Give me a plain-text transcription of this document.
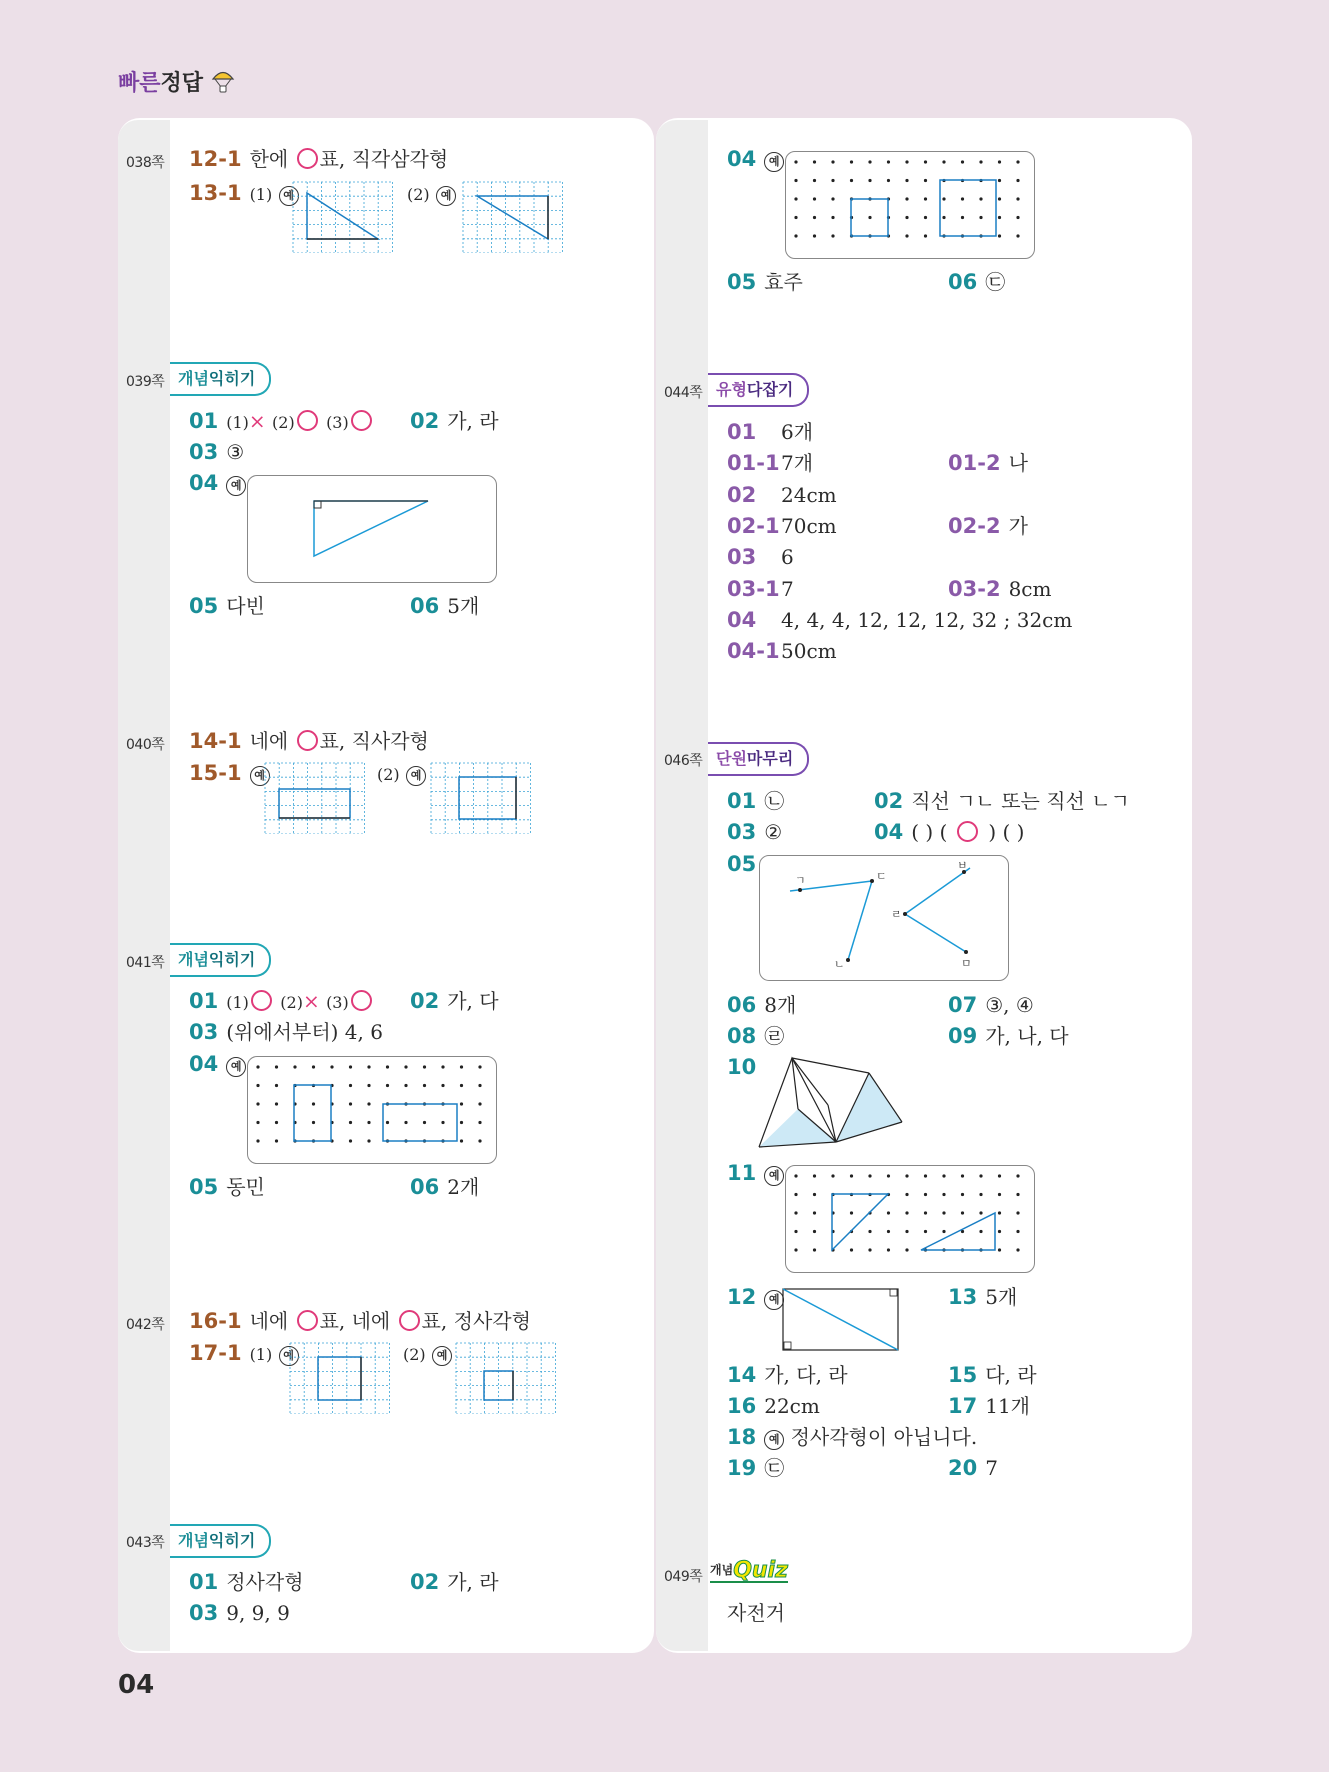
빠른정답
038쪽 12-1 한에 ○ 표, 직각삼각형
13-1 (1) 예	(2) 예
039쪽 개념익히기
01 (1)× (2) ○ (3)	02 가, 라
03 ③
04 예
05 다빈	06 5개
040쪽 14-1 네에 ○ 표, 직사각형
15-1 예	(2) 예
041쪽 개념익히기
01 (1) ○ (2)× (3)	02 가, 다
03 (위에서부터) 4, 6
04 예
05 동민	06 2개
042쪽 16-1 네에 ○ 표, 네에 ○ 표, 정사각형
17-1 (1) 예	(2) 예
043쪽 개념익히기
01 정사각형	02 가, 라
03 9, 9, 9
04 예
05 효주	06 ㉢
044쪽 유형다잡기
01 6개
01-17개	01-2 나
02 24cm
02-170cm	02-2 가
03 6
03-17	03-2 8cm
04 4, 4, 4, 12, 12, 12, 32 ; 32cm
04-150cm
046쪽 단원마무리
01 ㉡	02 직선 ㄱㄴ 또는 직선 ㄴㄱ
03 ②	04 ( ) ( ○ ) ( )
05
ㄱ	ㄷ
ㄴ
ㅂ
ㄹ
ㅁ
06 8개	07 ③, ④
08 ㉣	09 가, 나, 다
10
11 예
12 예	13 5개
14 가, 다, 라	15 다, 라
16 22cm	17 11개
18 예 정사각형이 아닙니다.
19 ㉢	20 7
049쪽 개념Quiz
자전거
04
